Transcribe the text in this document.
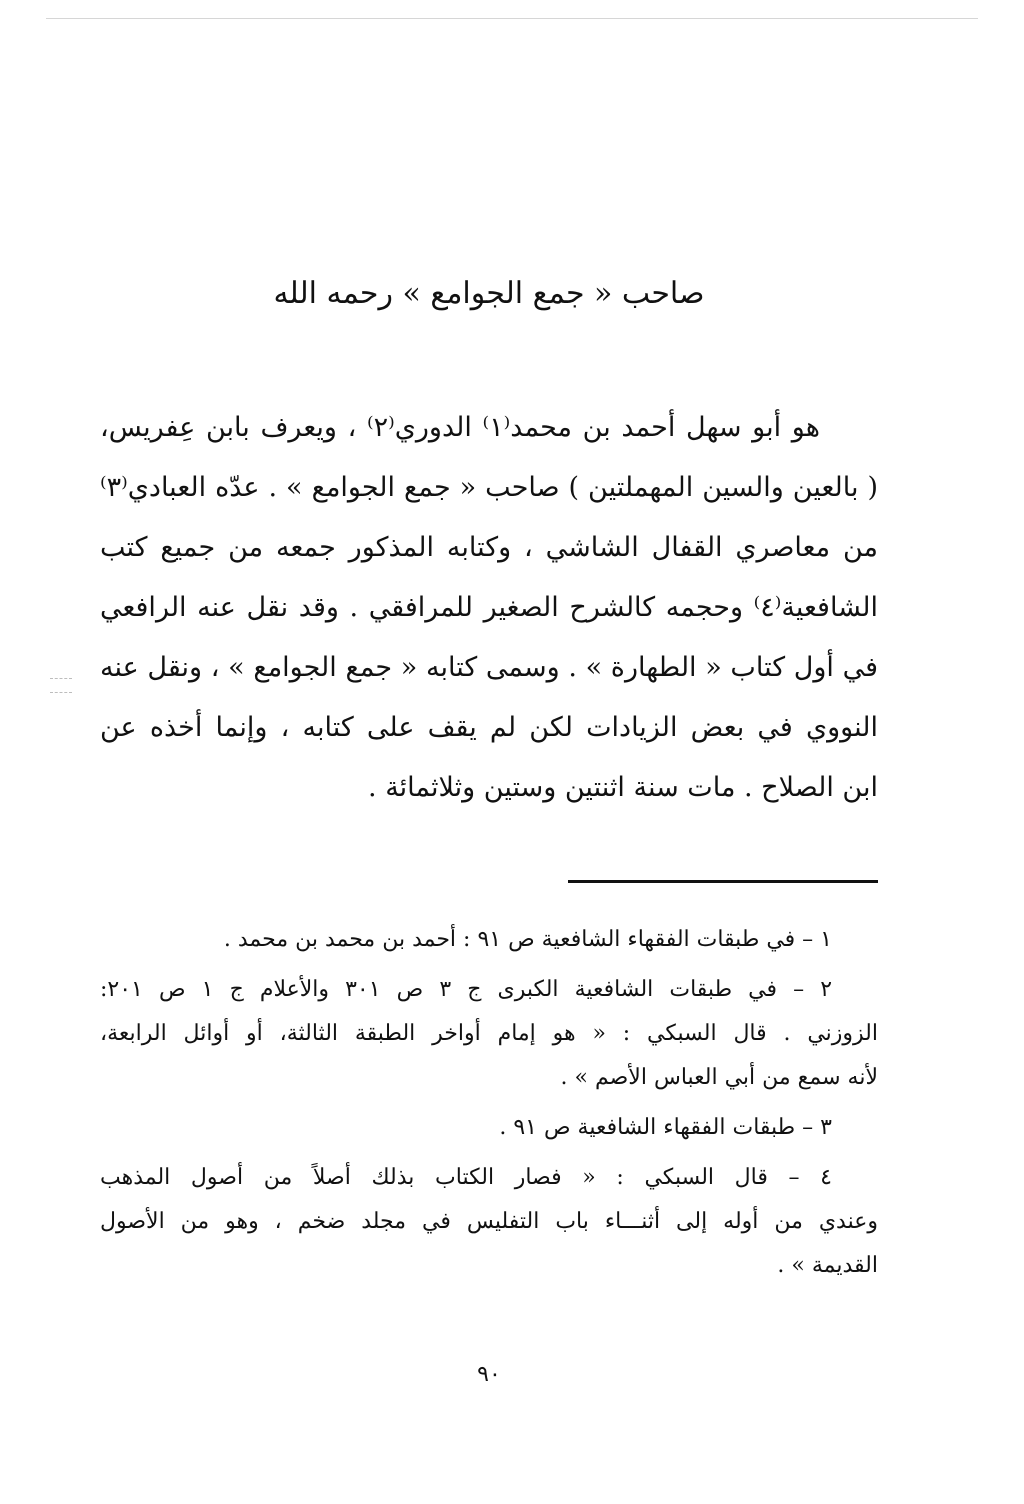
صاحب « جمع الجوامع » رحمه الله
هو أبو سهل أحمد بن محمد⁽١⁾ الدوري⁽٢⁾ ، ويعرف بابن عِفريس،
( بالعين والسين المهملتين ) صاحب « جمع الجوامع » . عدّه العبادي⁽٣⁾
من معاصري القفال الشاشي ، وكتابه المذكور جمعه من جميع كتب
الشافعية⁽٤⁾ وحجمه كالشرح الصغير للمرافقي . وقد نقل عنه الرافعي
في أول كتاب « الطهارة » . وسمى كتابه « جمع الجوامع » ، ونقل عنه
النووي في بعض الزيادات لكن لم يقف على كتابه ، وإنما أخذه عن
ابن الصلاح . مات سنة اثنتين وستين وثلاثمائة .
١ – في طبقات الفقهاء الشافعية ص ٩١ : أحمد بن محمد بن محمد .
٢ – في طبقات الشافعية الكبرى ج ٣ ص ٣٠١ والأعلام ج ١ ص ٢٠١:
الزوزني . قال السبكي : « هو إمام أواخر الطبقة الثالثة، أو أوائل الرابعة،
لأنه سمع من أبي العباس الأصم » .
٣ – طبقات الفقهاء الشافعية ص ٩١ .
٤ – قال السبكي : « فصار الكتاب بذلك أصلاً من أصول المذهب
وعندي من أوله إلى أثنـــاء باب التفليس في مجلد ضخم ، وهو من الأصول
القديمة » .
٩٠
